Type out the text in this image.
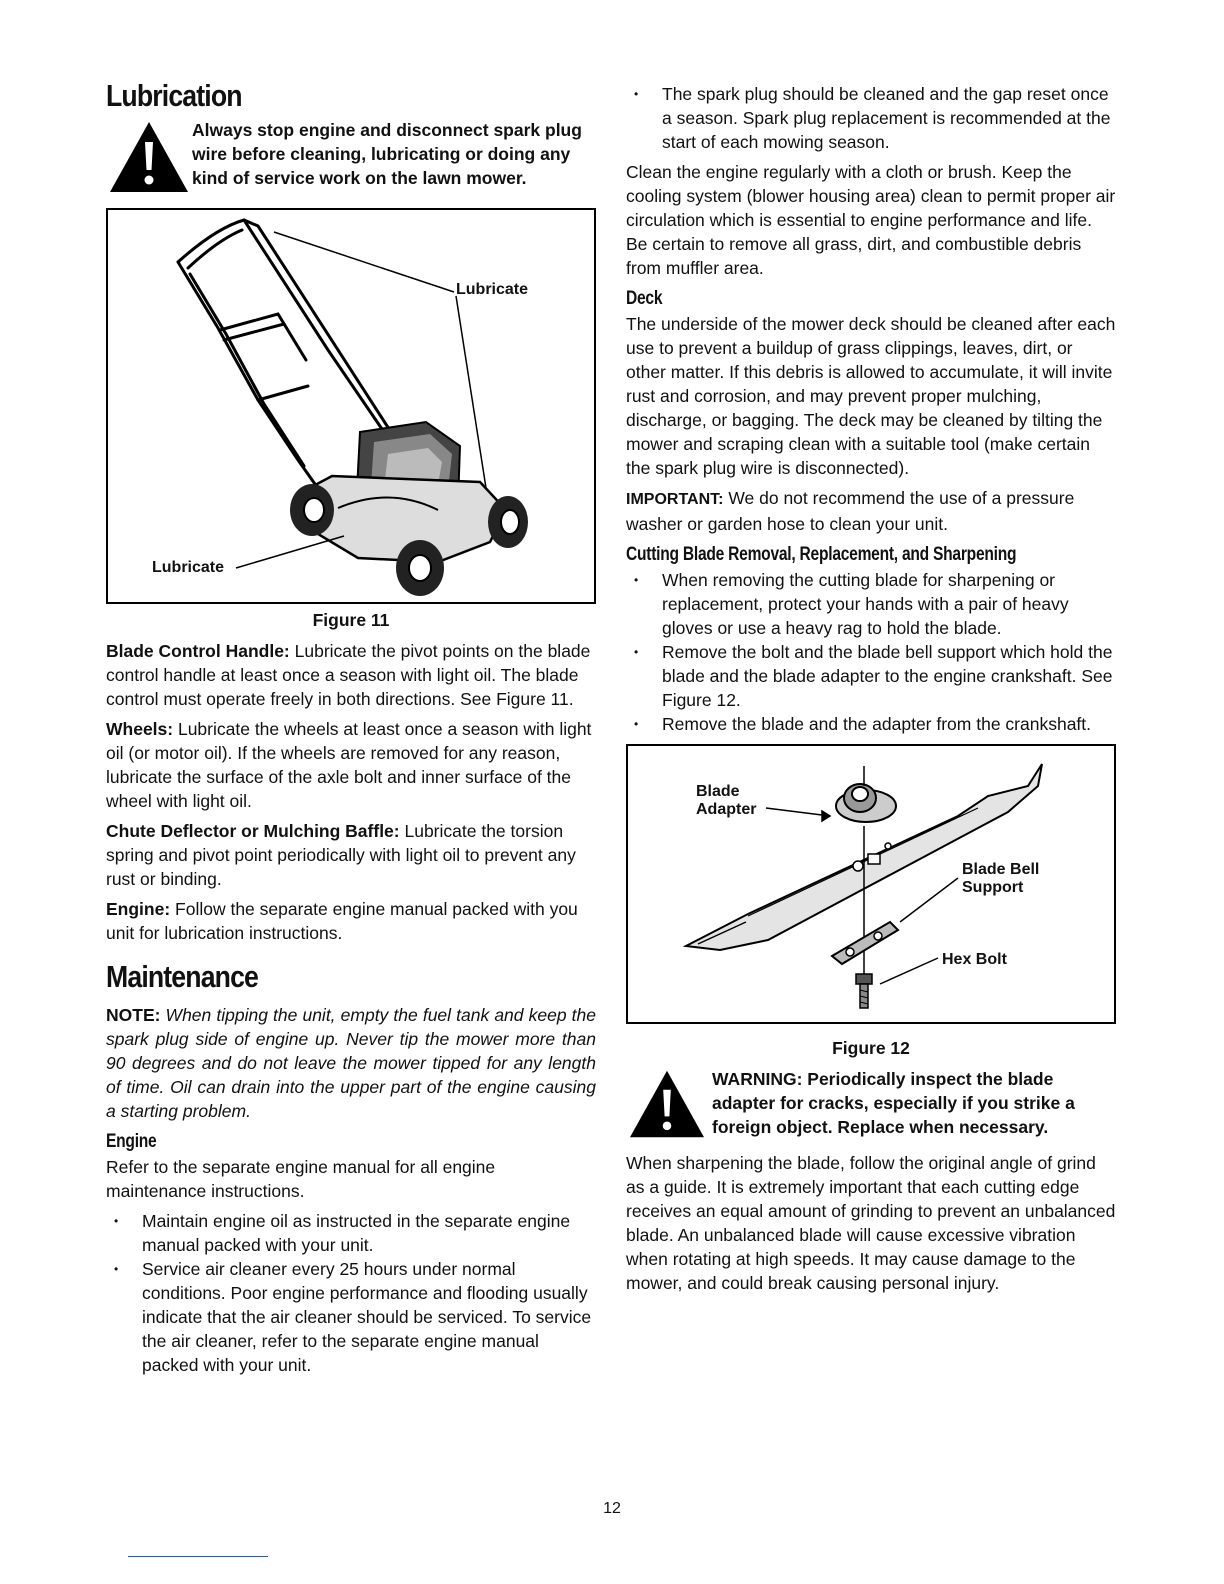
Lubrication
Always stop engine and disconnect spark plug wire before cleaning, lubricating or doing any kind of service work on the lawn mower.
Lubricate
Lubricate
Figure 11

Blade Control Handle: Lubricate the pivot points on the blade control handle at least once a season with light oil. The blade control must operate freely in both directions. See Figure 11.

Wheels: Lubricate the wheels at least once a season with light oil (or motor oil). If the wheels are removed for any reason, lubricate the surface of the axle bolt and inner surface of the wheel with light oil.

Chute Deflector or Mulching Baffle: Lubricate the torsion spring and pivot point periodically with light oil to prevent any rust or binding.

Engine: Follow the separate engine manual packed with you unit for lubrication instructions.

Maintenance

NOTE: When tipping the unit, empty the fuel tank and keep the spark plug side of engine up. Never tip the mower more than 90 degrees and do not leave the mower tipped for any length of time. Oil can drain into the upper part of the engine causing a starting problem.

Engine

Refer to the separate engine manual for all engine maintenance instructions.

• Maintain engine oil as instructed in the separate engine manual packed with your unit.
• Service air cleaner every 25 hours under normal conditions. Poor engine performance and flooding usually indicate that the air cleaner should be serviced. To service the air cleaner, refer to the separate engine manual packed with your unit.
• The spark plug should be cleaned and the gap reset once a season. Spark plug replacement is recommended at the start of each mowing season.

Clean the engine regularly with a cloth or brush. Keep the cooling system (blower housing area) clean to permit proper air circulation which is essential to engine performance and life. Be certain to remove all grass, dirt, and combustible debris from muffler area.

Deck

The underside of the mower deck should be cleaned after each use to prevent a buildup of grass clippings, leaves, dirt, or other matter. If this debris is allowed to accumulate, it will invite rust and corrosion, and may prevent proper mulching, discharge, or bagging. The deck may be cleaned by tilting the mower and scraping clean with a suitable tool (make certain the spark plug wire is disconnected).

IMPORTANT: We do not recommend the use of a pressure washer or garden hose to clean your unit.

Cutting Blade Removal, Replacement, and Sharpening
• When removing the cutting blade for sharpening or replacement, protect your hands with a pair of heavy gloves or use a heavy rag to hold the blade.
• Remove the bolt and the blade bell support which hold the blade and the blade adapter to the engine crankshaft. See Figure 12.
• Remove the blade and the adapter from the crankshaft.
Blade
Adapter
Blade Bell
Support
Hex Bolt
Figure 12
WARNING: Periodically inspect the blade adapter for cracks, especially if you strike a foreign object. Replace when necessary.

When sharpening the blade, follow the original angle of grind as a guide. It is extremely important that each cutting edge receives an equal amount of grinding to prevent an unbalanced blade. An unbalanced blade will cause excessive vibration when rotating at high speeds. It may cause damage to the mower, and could break causing personal injury.

12
